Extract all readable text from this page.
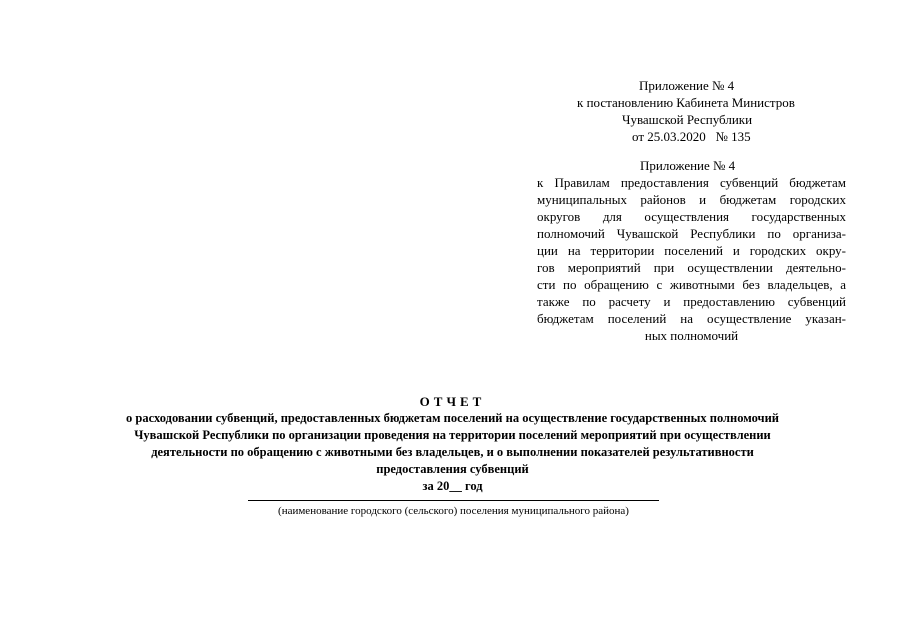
Приложение № 4
к постановлению Кабинета Министров
Чувашской Республики
от 25.03.2020   № 135
Приложение № 4
к Правилам предоставления субвенций бюджетам
муниципальных районов и бюджетам городских
округов для осуществления государственных
полномочий Чувашской Республики по организа-
ции на территории поселений и городских окру-
гов мероприятий при осуществлении деятельно-
сти по обращению с животными без владельцев, а
также по расчету и предоставлению субвенций
бюджетам поселений на осуществление указан-
ных полномочий
ОТЧЕТ
о расходовании субвенций, предоставленных бюджетам поселений на осуществление государственных полномочий
Чувашской Республики по организации проведения на территории поселений мероприятий при осуществлении
деятельности по обращению с животными без владельцев, и о выполнении показателей результативности
предоставления субвенций
за 20__ год
(наименование городского (сельского) поселения муниципального района)
